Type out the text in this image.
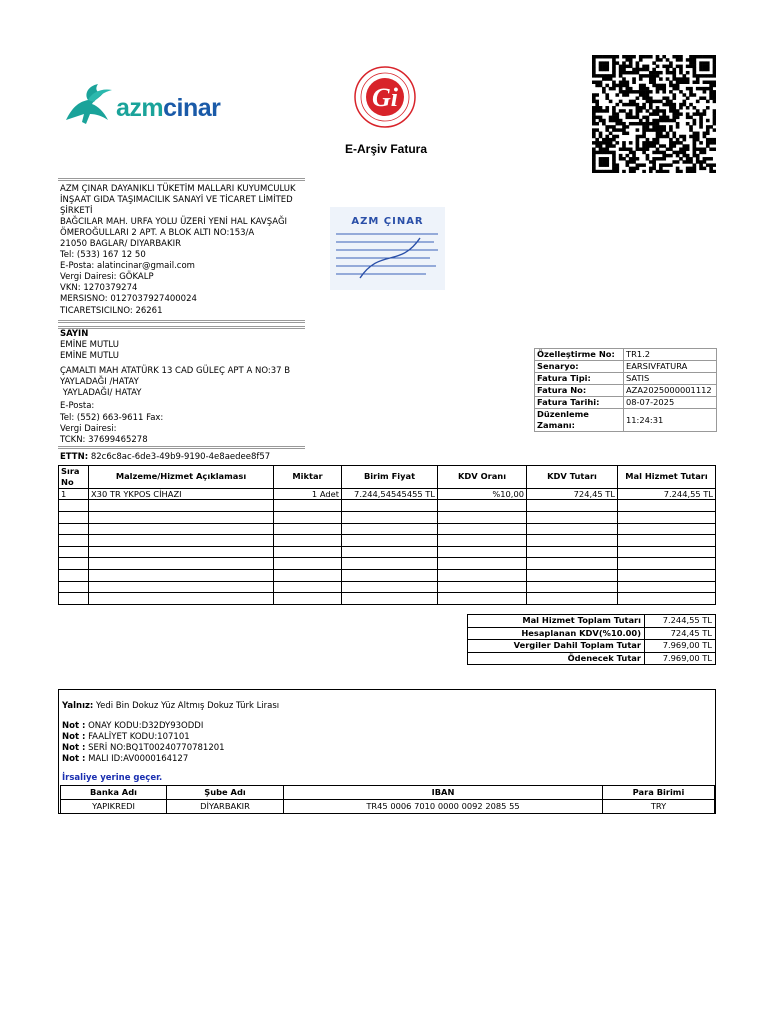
azmcinar	Gi
E-Arşiv Fatura
AZM ÇINAR DAYANIKLI TÜKETİM MALLARI KUYUMCULUK
İNŞAAT GIDA TAŞIMACILIK SANAYİ VE TİCARET LİMİTED
ŞİRKETİ
BAĞCILAR MAH. URFA YOLU ÜZERİ YENİ HAL KAVŞAĞI
ÖMEROĞULLARI 2 APT. A BLOK ALTI NO:153/A
21050 BAGLAR/ DIYARBAKIR
Tel: (533) 167 12 50
E-Posta: alatincinar@gmail.com
Vergi Dairesi: GÖKALP
VKN: 1270379274
MERSISNO: 0127037927400024
TICARETSICILNO: 26261
AZM ÇINAR
SAYIN
EMİNE MUTLU
EMİNE MUTLU
ÇAMALTI MAH ATATÜRK 13 CAD GÜLEÇ APT A NO:37 B
YAYLADAĞI /HATAY
YAYLADAĞI/ HATAY
E-Posta:
Tel: (552) 663-9611 Fax:
Vergi Dairesi:
TCKN: 37699465278
Özelleştirme No:	TR1.2
Senaryo:	EARSIVFATURA
Fatura Tipi:	SATIS
Fatura No:	AZA2025000001112
Fatura Tarihi:	08-07-2025
Düzenleme Zamanı:	11:24:31
ETTN: 82c6c8ac-6de3-49b9-9190-4e8aedee8f57
Sıra No	Malzeme/Hizmet Açıklaması	Miktar	Birim Fiyat	KDV Oranı	KDV Tutarı	Mal Hizmet Tutarı
1	X30 TR YKPOS CİHAZI	1 Adet	7.244,54545455 TL	%10,00	724,45 TL	7.244,55 TL

Mal Hizmet Toplam Tutarı	7.244,55 TL
Hesaplanan KDV(%10.00)	724,45 TL
Vergiler Dahil Toplam Tutar	7.969,00 TL
Ödenecek Tutar	7.969,00 TL
Yalnız: Yedi Bin Dokuz Yüz Altmış Dokuz Türk Lirası
Not : ONAY KODU:D32DY93ODDI
Not : FAALİYET KODU:107101
Not : SERİ NO:BQ1T00240770781201
Not : MALI ID:AV0000164127
İrsaliye yerine geçer.
Banka Adı	Şube Adı	IBAN	Para Birimi
YAPIKREDI	DİYARBAKIR	TR45 0006 7010 0000 0092 2085 55	TRY
